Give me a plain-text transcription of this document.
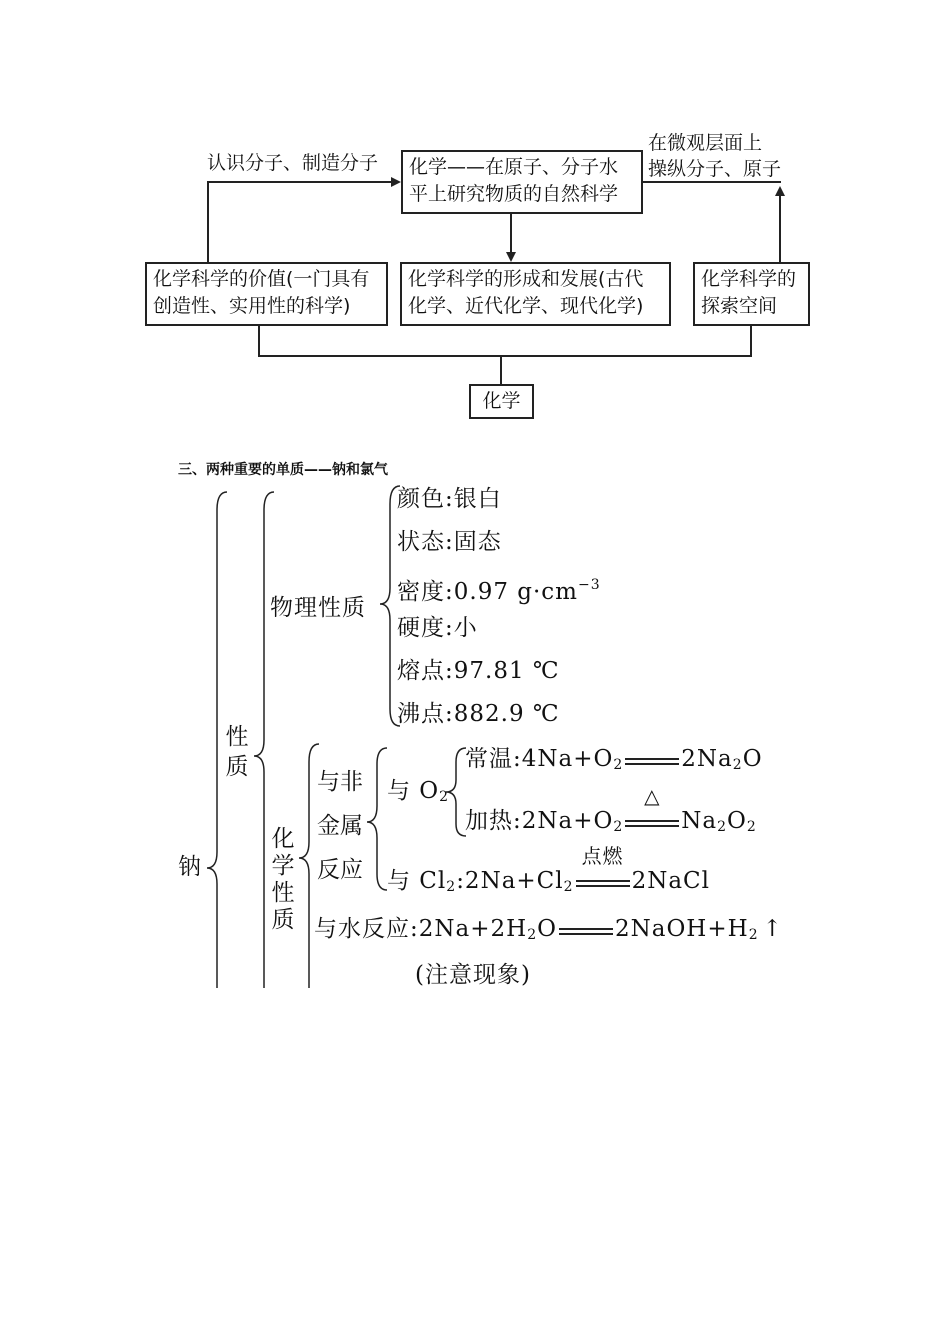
认识分子、制造分子
在微观层面上
操纵分子、原子
化学——在原子、分子水
平上研究物质的自然科学
化学科学的价值(一门具有
创造性、实用性的科学)
化学科学的形成和发展(古代
化学、近代化学、现代化学)
化学科学的
探索空间
化学
三、两种重要的单质——钠和氯气
钠
性质
物理性质
颜色:银白
状态:固态
密度:0.97 $g\cdot cm^{-3}$
硬度:小
熔点:97.81 ℃
沸点:882.9 ℃
化学性质
与非金属反应
与 $O_2$
常温$:4Na+O_2$	$2Na_2O$
加热$:2Na+O_2$
△
$Na_2O_2$
与 $Cl_2:2Na+Cl_2$
点燃
2NaCl
与水反应$:2Na+2H_2O$	$2NaOH+H_2$ ↑
(注意现象)
